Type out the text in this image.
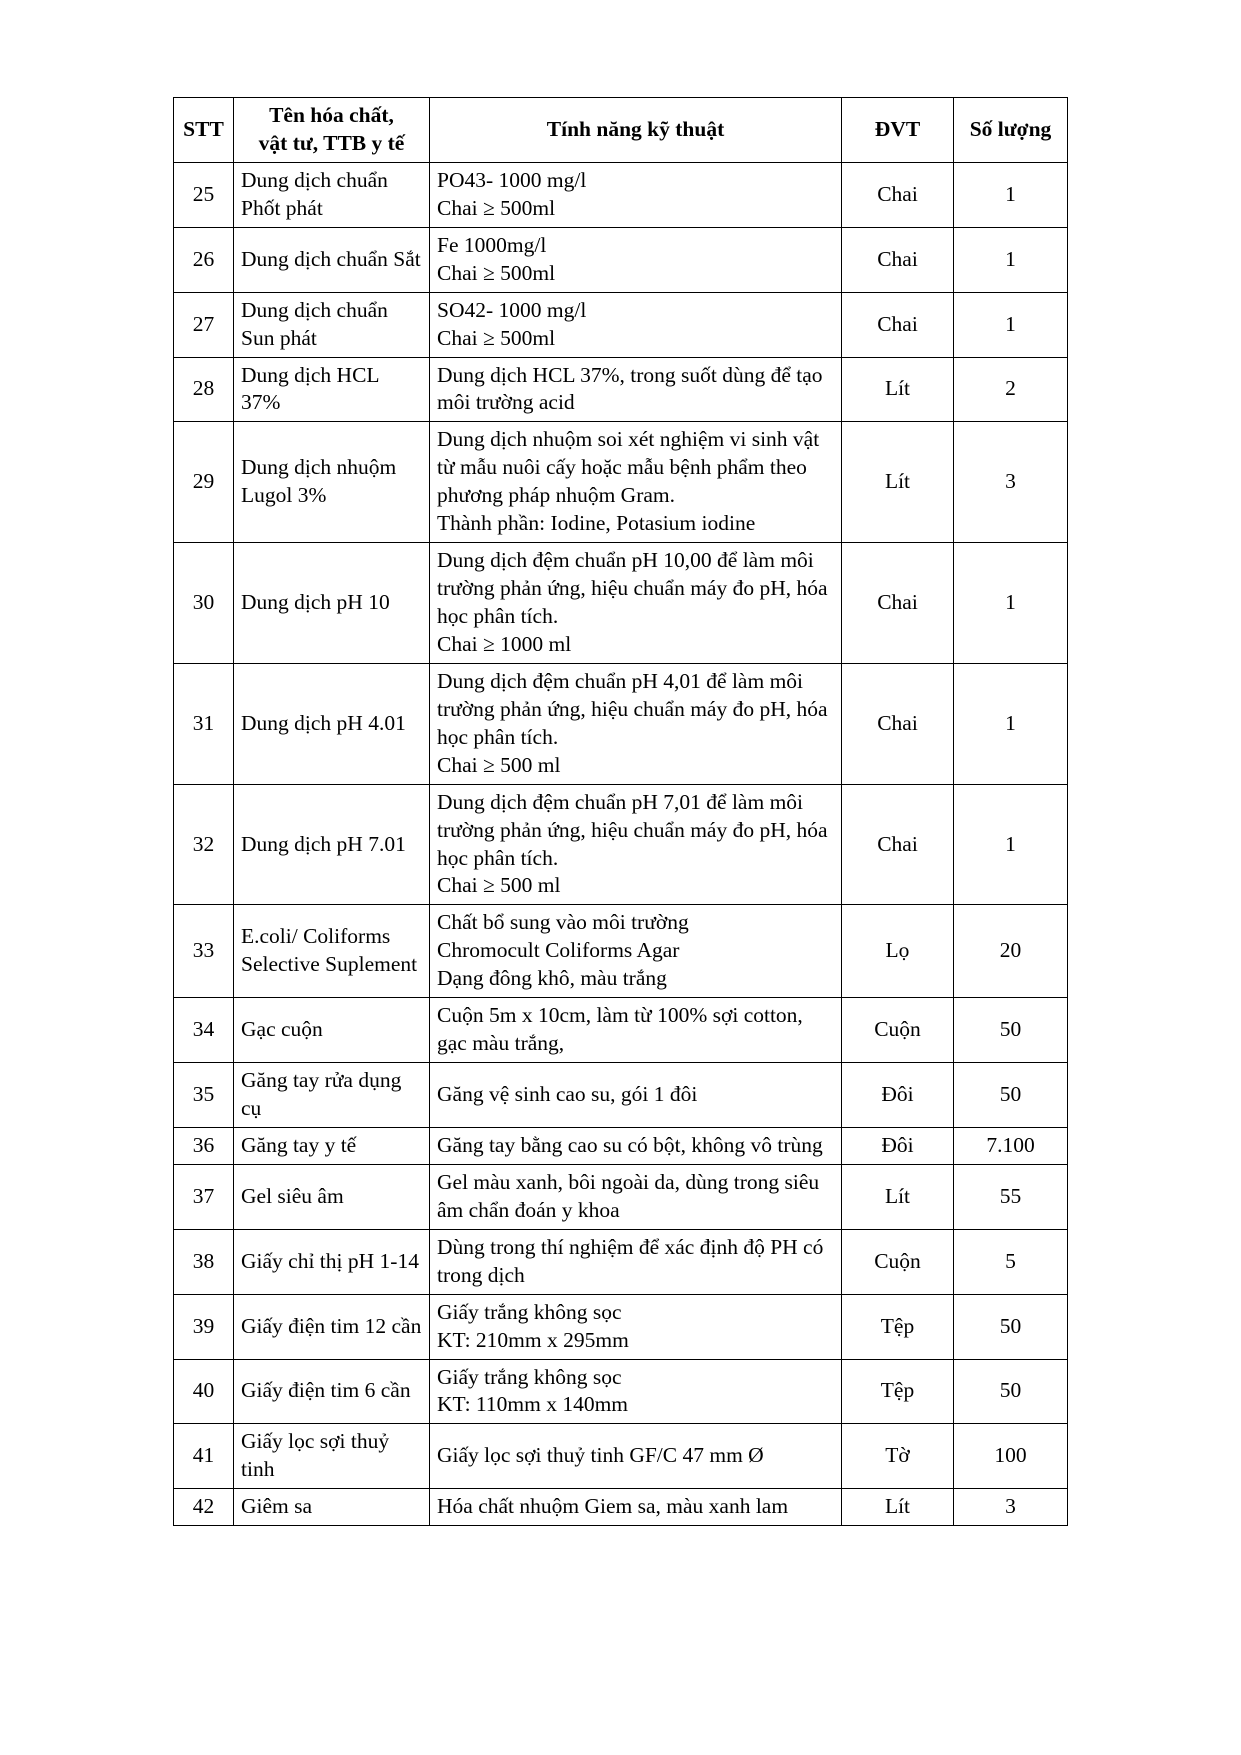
STT	Tên hóa chất,
vật tư, TTB y tế	Tính năng kỹ thuật	ĐVT	Số lượng

25	Dung dịch chuẩn Phốt phát	PO43- 1000 mg/l
Chai ≥ 500ml	Chai	1

26	Dung dịch chuẩn Sắt	Fe 1000mg/l
Chai ≥ 500ml	Chai	1

27	Dung dịch chuẩn Sun phát	SO42- 1000 mg/l
Chai ≥ 500ml	Chai	1

28	Dung dịch HCL 37%	Dung dịch HCL 37%, trong suốt dùng để tạo môi trường acid	Lít	2

29	Dung dịch nhuộm Lugol 3%	Dung dịch nhuộm soi xét nghiệm vi sinh vật từ mẫu nuôi cấy hoặc mẫu bệnh phẩm theo phương pháp nhuộm Gram.
Thành phần: Iodine, Potasium iodine	Lít	3

30	Dung dịch pH 10	Dung dịch đệm chuẩn pH 10,00 để làm môi trường phản ứng, hiệu chuẩn máy đo pH, hóa học phân tích.
Chai ≥ 1000 ml	Chai	1

31	Dung dịch pH 4.01	Dung dịch đệm chuẩn pH 4,01 để làm môi trường phản ứng, hiệu chuẩn máy đo pH, hóa học phân tích.
Chai ≥ 500 ml	Chai	1

32	Dung dịch pH 7.01	Dung dịch đệm chuẩn pH 7,01 để làm môi trường phản ứng, hiệu chuẩn máy đo pH, hóa học phân tích.
Chai ≥ 500 ml	Chai	1

33	E.coli/ Coliforms Selective Suplement	Chất bổ sung vào môi trường
Chromocult Coliforms Agar
Dạng đông khô, màu trắng	Lọ	20

34	Gạc cuộn	Cuộn 5m x 10cm, làm từ 100% sợi cotton, gạc màu trắng,	Cuộn	50

35	Găng tay rửa dụng cụ	Găng vệ sinh cao su, gói 1 đôi	Đôi	50

36	Găng tay y tế	Găng tay bằng cao su có bột, không vô trùng	Đôi	7.100

37	Gel siêu âm	Gel màu xanh, bôi ngoài da, dùng trong siêu âm chẩn đoán y khoa	Lít	55

38	Giấy chỉ thị pH 1-14	Dùng trong thí nghiệm để xác định độ PH có trong dịch	Cuộn	5

39	Giấy điện tim 12 cần	Giấy trắng không sọc
KT: 210mm x 295mm	Tệp	50

40	Giấy điện tim 6 cần	Giấy trắng không sọc
KT: 110mm x 140mm	Tệp	50

41	Giấy lọc sợi thuỷ tinh	Giấy lọc sợi thuỷ tinh GF/C 47 mm Ø	Tờ	100

42	Giêm sa	Hóa chất nhuộm Giem sa, màu xanh lam	Lít	3
